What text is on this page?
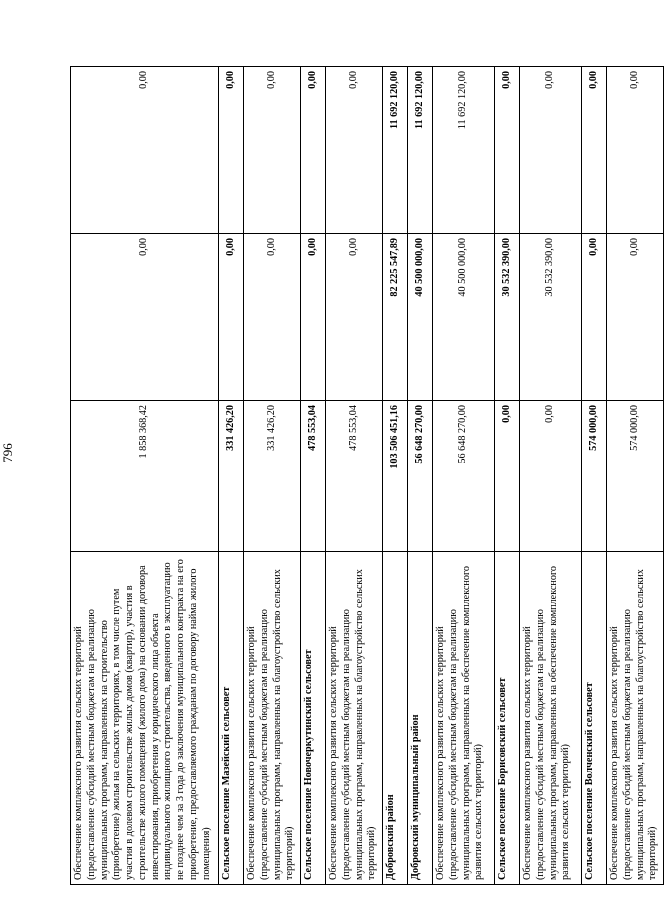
796
Обеспечение комплексного развития сельских территорий (предоставление субсидий местным бюджетам на реализацию муниципальных программ, направленных на строительство (приобретение) жилья на сельских территориях, в том числе путем участия в долевом строительстве жилых домов (квартир), участия в строительстве жилого помещения (жилого дома) на основании договора инвестирования, приобретения у юридического лица объекта индивидуального жилищного строительства, введенного в эксплуатацию не позднее чем за 3 года до заключения муниципального контракта на его приобретение, предоставляемого гражданам по договору найма жилого помещения)	1 858 368,42	0,00	0,00
Сельское поселение Мазейский сельсовет	331 426,20	0,00	0,00
Обеспечение комплексного развития сельских территорий (предоставление субсидий местным бюджетам на реализацию муниципальных программ, направленных на благоустройство сельских территорий)	331 426,20	0,00	0,00
Сельское поселение Новочеркутинский сельсовет	478 553,04	0,00	0,00
Обеспечение комплексного развития сельских территорий (предоставление субсидий местным бюджетам на реализацию муниципальных программ, направленных на благоустройство сельских территорий)	478 553,04	0,00	0,00
Добровский район	103 506 451,16	82 225 547,89	11 692 120,00
Добровский муниципальный район	56 648 270,00	40 500 000,00	11 692 120,00
Обеспечение комплексного развития сельских территорий (предоставление субсидий местным бюджетам на реализацию муниципальных программ, направленных на обеспечение комплексного развития сельских территорий)	56 648 270,00	40 500 000,00	11 692 120,00
Сельское поселение Борисовский сельсовет	0,00	30 532 390,00	0,00
Обеспечение комплексного развития сельских территорий (предоставление субсидий местным бюджетам на реализацию муниципальных программ, направленных на обеспечение комплексного развития сельских территорий)	0,00	30 532 390,00	0,00
Сельское поселение Волченский сельсовет	574 000,00	0,00	0,00
Обеспечение комплексного развития сельских территорий (предоставление субсидий местным бюджетам на реализацию муниципальных программ, направленных на благоустройство сельских территорий)	574 000,00	0,00	0,00
